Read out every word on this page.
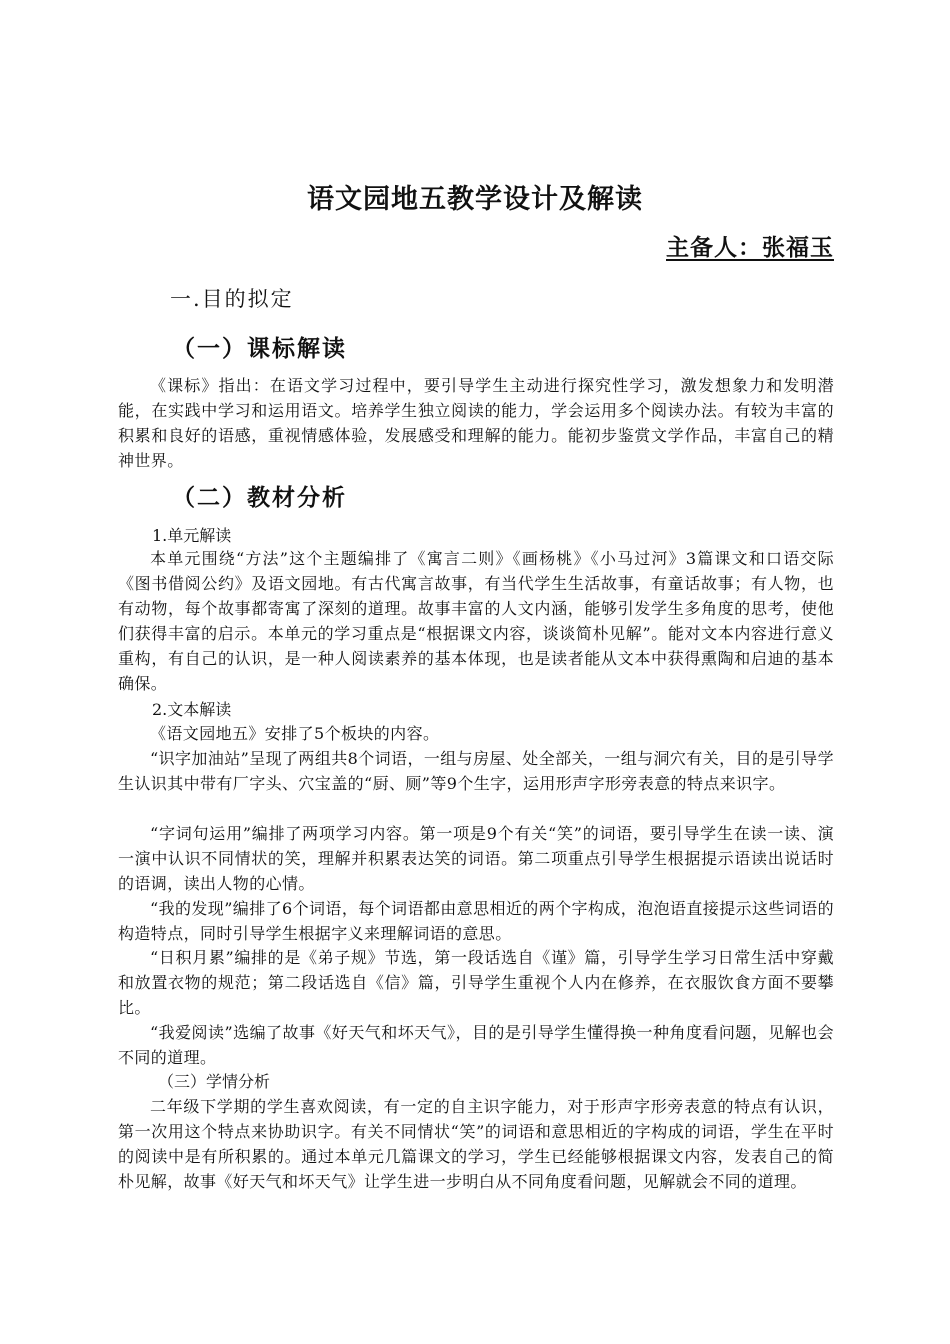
语文园地五教学设计及解读
主备人：张福玉
一.目的拟定
（一）课标解读
《课标》指出：在语文学习过程中，要引导学生主动进行探究性学习，激发想象力和发明潜能，在实践中学习和运用语文。培养学生独立阅读的能力，学会运用多个阅读办法。有较为丰富的积累和良好的语感，重视情感体验，发展感受和理解的能力。能初步鉴赏文学作品，丰富自己的精神世界。
（二）教材分析
1.单元解读
本单元围绕“方法”这个主题编排了《寓言二则》《画杨桃》《小马过河》3篇课文和口语交际《图书借阅公约》及语文园地。有古代寓言故事，有当代学生生活故事，有童话故事；有人物，也有动物，每个故事都寄寓了深刻的道理。故事丰富的人文内涵，能够引发学生多角度的思考，使他们获得丰富的启示。本单元的学习重点是“根据课文内容，谈谈简朴见解”。能对文本内容进行意义重构，有自己的认识，是一种人阅读素养的基本体现，也是读者能从文本中获得熏陶和启迪的基本确保。
2.文本解读
《语文园地五》安排了5个板块的内容。
“识字加油站”呈现了两组共8个词语，一组与房屋、处全部关，一组与洞穴有关，目的是引导学生认识其中带有厂字头、穴宝盖的“厨、厕”等9个生字，运用形声字形旁表意的特点来识字。
“字词句运用”编排了两项学习内容。第一项是9个有关“笑”的词语，要引导学生在读一读、演一演中认识不同情状的笑，理解并积累表达笑的词语。第二项重点引导学生根据提示语读出说话时的语调，读出人物的心情。
“我的发现”编排了6个词语，每个词语都由意思相近的两个字构成，泡泡语直接提示这些词语的构造特点，同时引导学生根据字义来理解词语的意思。
“日积月累”编排的是《弟子规》节选，第一段话选自《谨》篇，引导学生学习日常生活中穿戴和放置衣物的规范；第二段话选自《信》篇，引导学生重视个人内在修养，在衣服饮食方面不要攀比。
“我爱阅读”选编了故事《好天气和坏天气》，目的是引导学生懂得换一种角度看问题，见解也会不同的道理。
（三）学情分析
二年级下学期的学生喜欢阅读，有一定的自主识字能力，对于形声字形旁表意的特点有认识，第一次用这个特点来协助识字。有关不同情状“笑”的词语和意思相近的字构成的词语，学生在平时的阅读中是有所积累的。通过本单元几篇课文的学习，学生已经能够根据课文内容，发表自己的简朴见解，故事《好天气和坏天气》让学生进一步明白从不同角度看问题，见解就会不同的道理。
